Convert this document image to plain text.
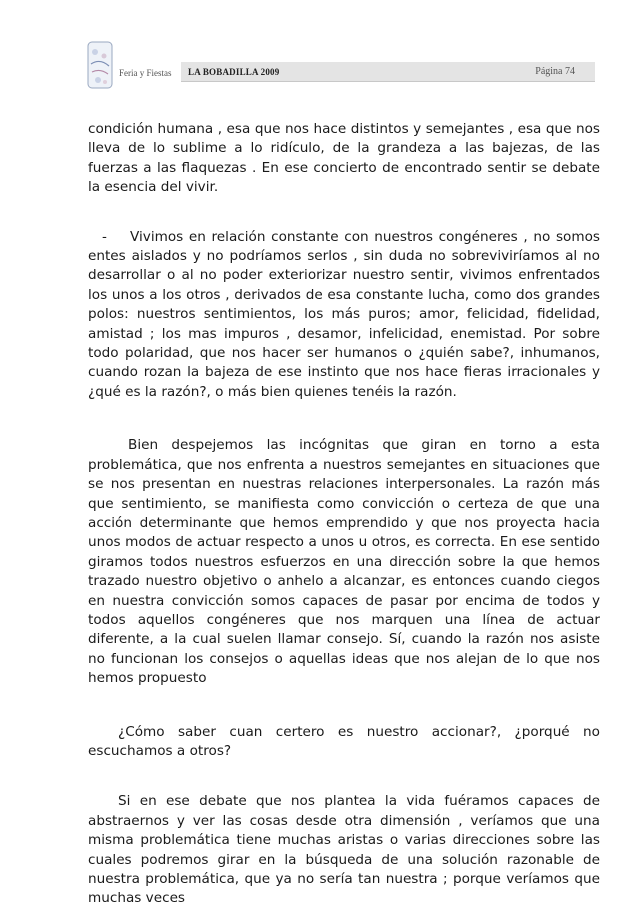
Feria y Fiestas LA BOBADILLA 2009	Página 74

condición humana , esa que nos hace distintos y semejantes , esa que nos lleva de lo sublime a lo ridículo, de la grandeza a las bajezas, de las fuerzas a las flaquezas . En ese concierto de encontrado sentir se debate la esencia del vivir.

- Vivimos en relación constante con nuestros congéneres , no somos entes aislados y no podríamos serlos , sin duda no sobreviviríamos al no desarrollar o al no poder exteriorizar nuestro sentir, vivimos enfrentados los unos a los otros , derivados de esa constante lucha, como dos grandes polos: nuestros sentimientos, los más puros; amor, felicidad, fidelidad, amistad ; los mas impuros , desamor, infelicidad, enemistad. Por sobre todo polaridad, que nos hacer ser humanos o ¿quién sabe?, inhumanos, cuando rozan la bajeza de ese instinto que nos hace fieras irracionales y ¿qué es la razón?, o más bien quienes tenéis la razón.

Bien despejemos las incógnitas que giran en torno a esta problemática, que nos enfrenta a nuestros semejantes en situaciones que se nos presentan en nuestras relaciones interpersonales. La razón más que sentimiento, se manifiesta como convicción o certeza de que una acción determinante que hemos emprendido y que nos proyecta hacia unos modos de actuar respecto a unos u otros, es correcta. En ese sentido giramos todos nuestros esfuerzos en una dirección sobre la que hemos trazado nuestro objetivo o anhelo a alcanzar, es entonces cuando ciegos en nuestra convicción somos capaces de pasar por encima de todos y todos aquellos congéneres que nos marquen una línea de actuar diferente, a la cual suelen llamar consejo. Sí, cuando la razón nos asiste no funcionan los consejos o aquellas ideas que nos alejan de lo que nos hemos propuesto

¿Cómo saber cuan certero es nuestro accionar?, ¿porqué no escuchamos a otros?

Si en ese debate que nos plantea la vida fuéramos capaces de abstraernos y ver las cosas desde otra dimensión , veríamos que una misma problemática tiene muchas aristas o varias direcciones sobre las cuales podremos girar en la búsqueda de una solución razonable de nuestra problemática, que ya no sería tan nuestra ; porque veríamos que muchas veces
